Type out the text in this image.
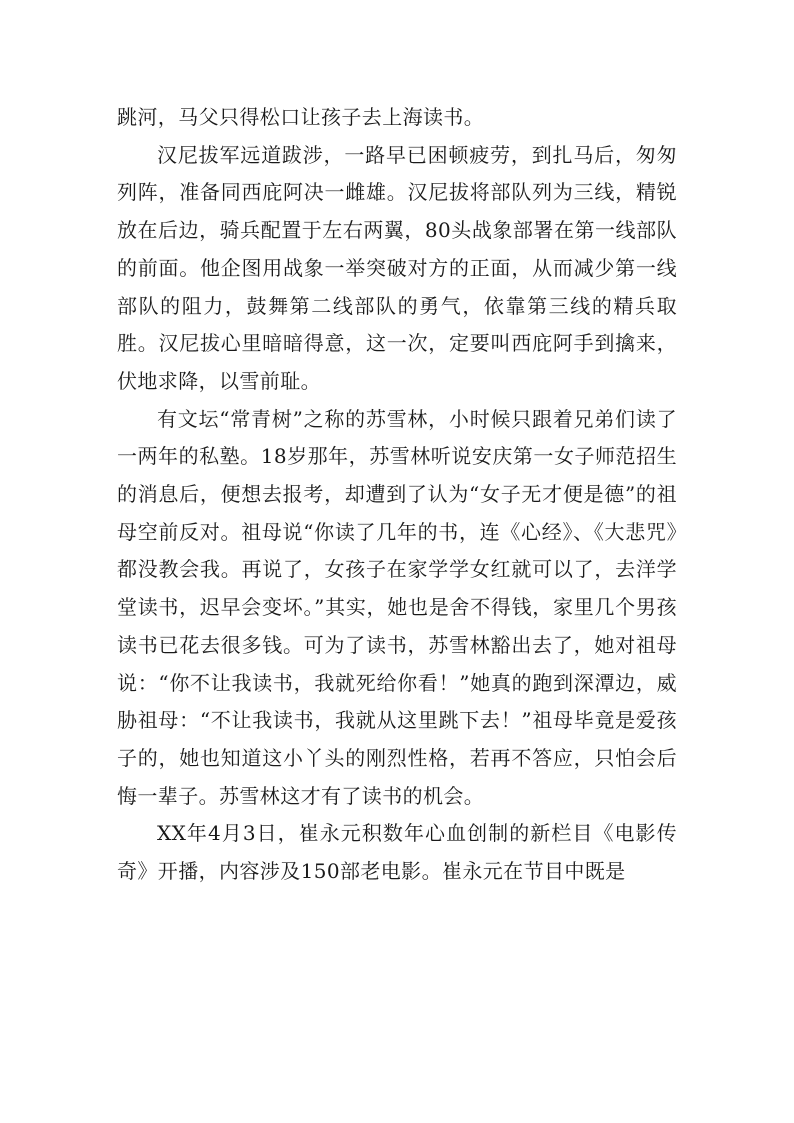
跳河，马父只得松口让孩子去上海读书。

汉尼拔军远道跋涉，一路早已困顿疲劳，到扎马后，匆匆列阵，准备同西庇阿决一雌雄。汉尼拔将部队列为三线，精锐放在后边，骑兵配置于左右两翼，80头战象部署在第一线部队的前面。他企图用战象一举突破对方的正面，从而减少第一线部队的阻力，鼓舞第二线部队的勇气，依靠第三线的精兵取胜。汉尼拔心里暗暗得意，这一次，定要叫西庇阿手到擒来，伏地求降，以雪前耻。

有文坛“常青树”之称的苏雪林，小时候只跟着兄弟们读了一两年的私塾。18岁那年，苏雪林听说安庆第一女子师范招生的消息后，便想去报考，却遭到了认为“女子无才便是德”的祖母空前反对。祖母说“你读了几年的书，连《心经》、《大悲咒》都没教会我。再说了，女孩子在家学学女红就可以了，去洋学堂读书，迟早会变坏。”其实，她也是舍不得钱，家里几个男孩读书已花去很多钱。可为了读书，苏雪林豁出去了，她对祖母说：“你不让我读书，我就死给你看！”她真的跑到深潭边，威胁祖母：“不让我读书，我就从这里跳下去！”祖母毕竟是爱孩子的，她也知道这小丫头的刚烈性格，若再不答应，只怕会后悔一辈子。苏雪林这才有了读书的机会。

XX年4月3日，崔永元积数年心血创制的新栏目《电影传奇》开播，内容涉及150部老电影。崔永元在节目中既是
